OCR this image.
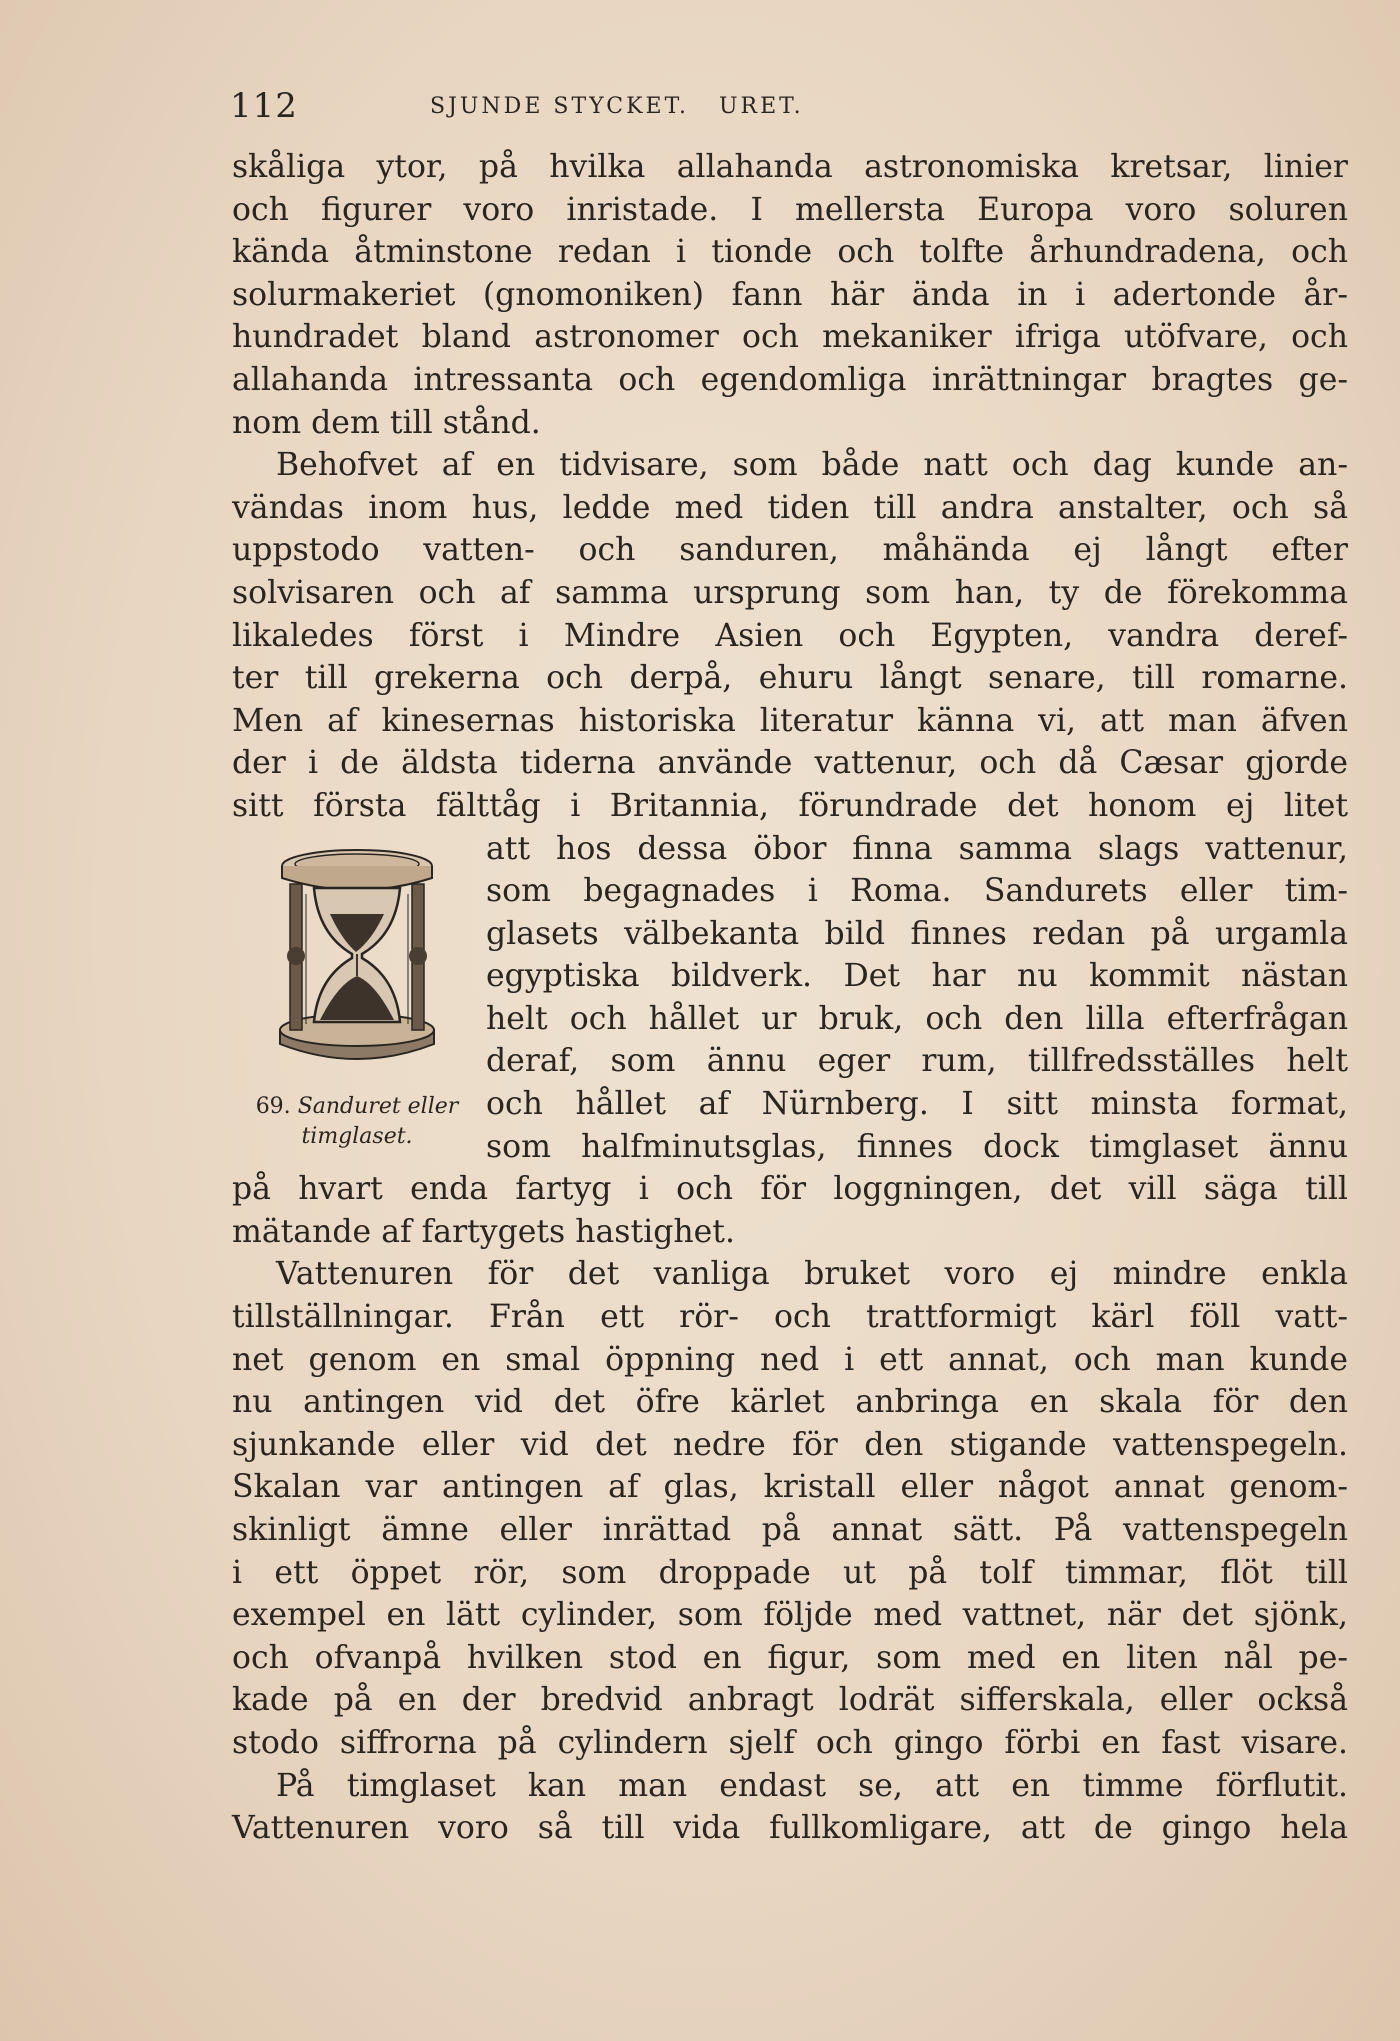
112	SJUNDE STYCKET.   URET.
skåliga ytor, på hvilka allahanda astronomiska kretsar, linier
och figurer voro inristade. I mellersta Europa voro soluren
kända åtminstone redan i tionde och tolfte århundradena, och
solurmakeriet (gnomoniken) fann här ända in i adertonde år-
hundradet bland astronomer och mekaniker ifriga utöfvare, och
allahanda intressanta och egendomliga inrättningar bragtes ge-
nom dem till stånd.
Behofvet af en tidvisare, som både natt och dag kunde an-
vändas inom hus, ledde med tiden till andra anstalter, och så
uppstodo vatten- och sanduren, måhända ej långt efter
solvisaren och af samma ursprung som han, ty de förekomma
likaledes först i Mindre Asien och Egypten, vandra deref-
ter till grekerna och derpå, ehuru långt senare, till romarne.
Men af kinesernas historiska literatur känna vi, att man äfven
der i de äldsta tiderna använde vattenur, och då Cæsar gjorde
sitt första fälttåg i Britannia, förundrade det honom ej litet
att hos dessa öbor finna samma slags vattenur,
som begagnades i Roma. Sandurets eller tim-
glasets välbekanta bild finnes redan på urgamla
egyptiska bildverk. Det har nu kommit nästan
helt och hållet ur bruk, och den lilla efterfrågan
deraf, som ännu eger rum, tillfredsställes helt
och hållet af Nürnberg. I sitt minsta format,
som halfminutsglas, finnes dock timglaset ännu
på hvart enda fartyg i och för loggningen, det vill säga till
mätande af fartygets hastighet.
Vattenuren för det vanliga bruket voro ej mindre enkla
tillställningar. Från ett rör- och trattformigt kärl föll vatt-
net genom en smal öppning ned i ett annat, och man kunde
nu antingen vid det öfre kärlet anbringa en skala för den
sjunkande eller vid det nedre för den stigande vattenspegeln.
Skalan var antingen af glas, kristall eller något annat genom-
skinligt ämne eller inrättad på annat sätt. På vattenspegeln
i ett öppet rör, som droppade ut på tolf timmar, flöt till
exempel en lätt cylinder, som följde med vattnet, när det sjönk,
och ofvanpå hvilken stod en figur, som med en liten nål pe-
kade på en der bredvid anbragt lodrät sifferskala, eller också
stodo siffrorna på cylindern sjelf och gingo förbi en fast visare.
På timglaset kan man endast se, att en timme förflutit.
Vattenuren voro så till vida fullkomligare, att de gingo hela
69. Sanduret eller
timglaset.
